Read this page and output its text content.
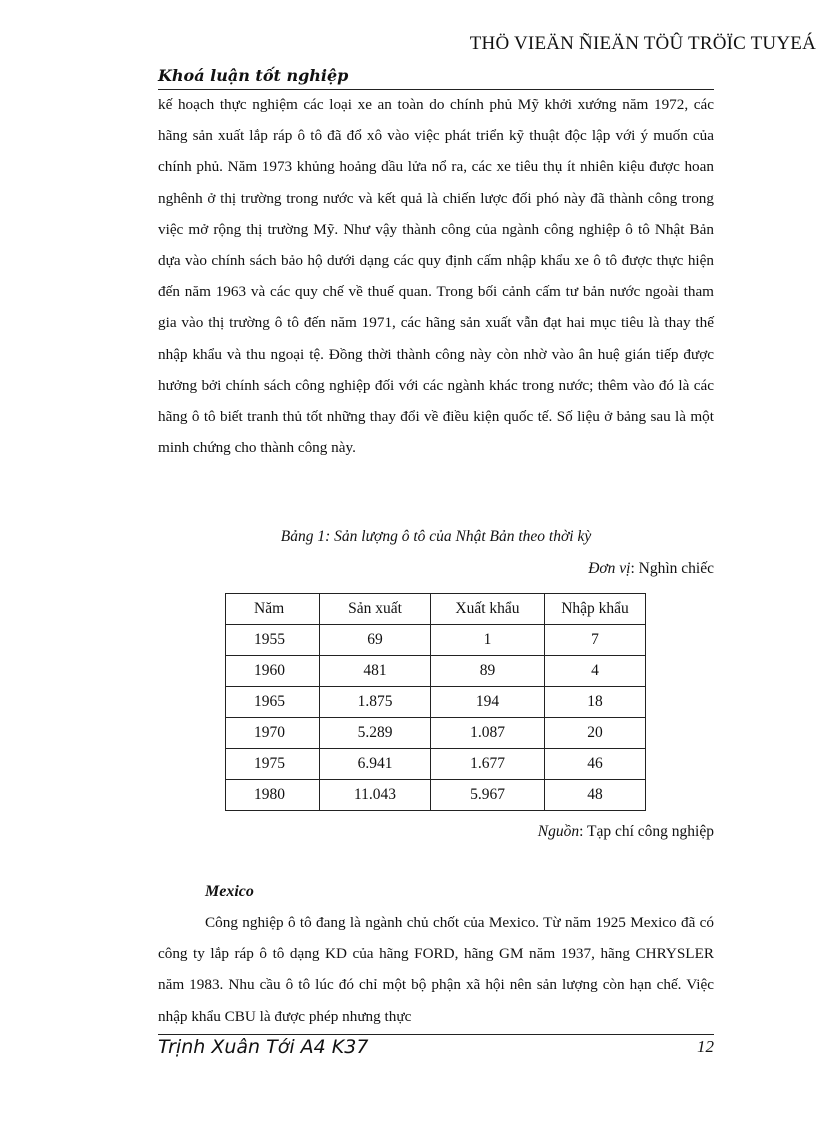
THÖ VIEÄN ÑIEÄN TÖÛ TRÖÏC TUYEÁ
Khoá luận tốt nghiệp
kế hoạch thực nghiệm các loại xe an toàn do chính phủ Mỹ khởi xướng năm 1972, các hãng sản xuất lắp ráp ô tô đã đổ xô vào việc phát triển kỹ thuật độc lập với ý muốn của chính phủ. Năm 1973 khủng hoảng dầu lửa nổ ra, các xe tiêu thụ ít nhiên kiệu được hoan nghênh ở thị trường trong nước và kết quả là chiến lược đối phó này đã thành công trong việc mở rộng thị trường Mỹ. Như vậy thành công của ngành công nghiệp ô tô Nhật Bản dựa vào chính sách bảo hộ dưới dạng các quy định cấm nhập khẩu xe ô tô được thực hiện đến năm 1963 và các quy chế về thuế quan. Trong bối cảnh cấm tư bản nước ngoài tham gia vào thị trường ô tô đến năm 1971, các hãng sản xuất vẫn đạt hai mục tiêu là thay thế nhập khẩu và thu ngoại tệ. Đồng thời thành công này còn nhờ vào ân huệ gián tiếp được hưởng bởi chính sách công nghiệp đối với các ngành khác trong nước; thêm vào đó là các hãng ô tô biết tranh thủ tốt những thay đổi về điều kiện quốc tế. Số liệu ở bảng sau là một minh chứng cho thành công này.
Bảng 1: Sản lượng ô tô của Nhật Bản theo thời kỳ
Đơn vị: Nghìn chiếc
Năm	Sản xuất	Xuất khẩu	Nhập khẩu
1955	69	1	7
1960	481	89	4
1965	1.875	194	18
1970	5.289	1.087	20
1975	6.941	1.677	46
1980	11.043	5.967	48
Nguồn: Tạp chí công nghiệp
Mexico
Công nghiệp ô tô đang là ngành chủ chốt của Mexico. Từ năm 1925 Mexico đã có công ty lắp ráp ô tô dạng KD của hãng FORD, hãng GM năm 1937, hãng CHRYSLER năm 1983. Nhu cầu ô tô lúc đó chỉ một bộ phận xã hội nên sản lượng còn hạn chế. Việc nhập khẩu CBU là được phép nhưng thực
Trịnh Xuân Tới A4 K37	12
